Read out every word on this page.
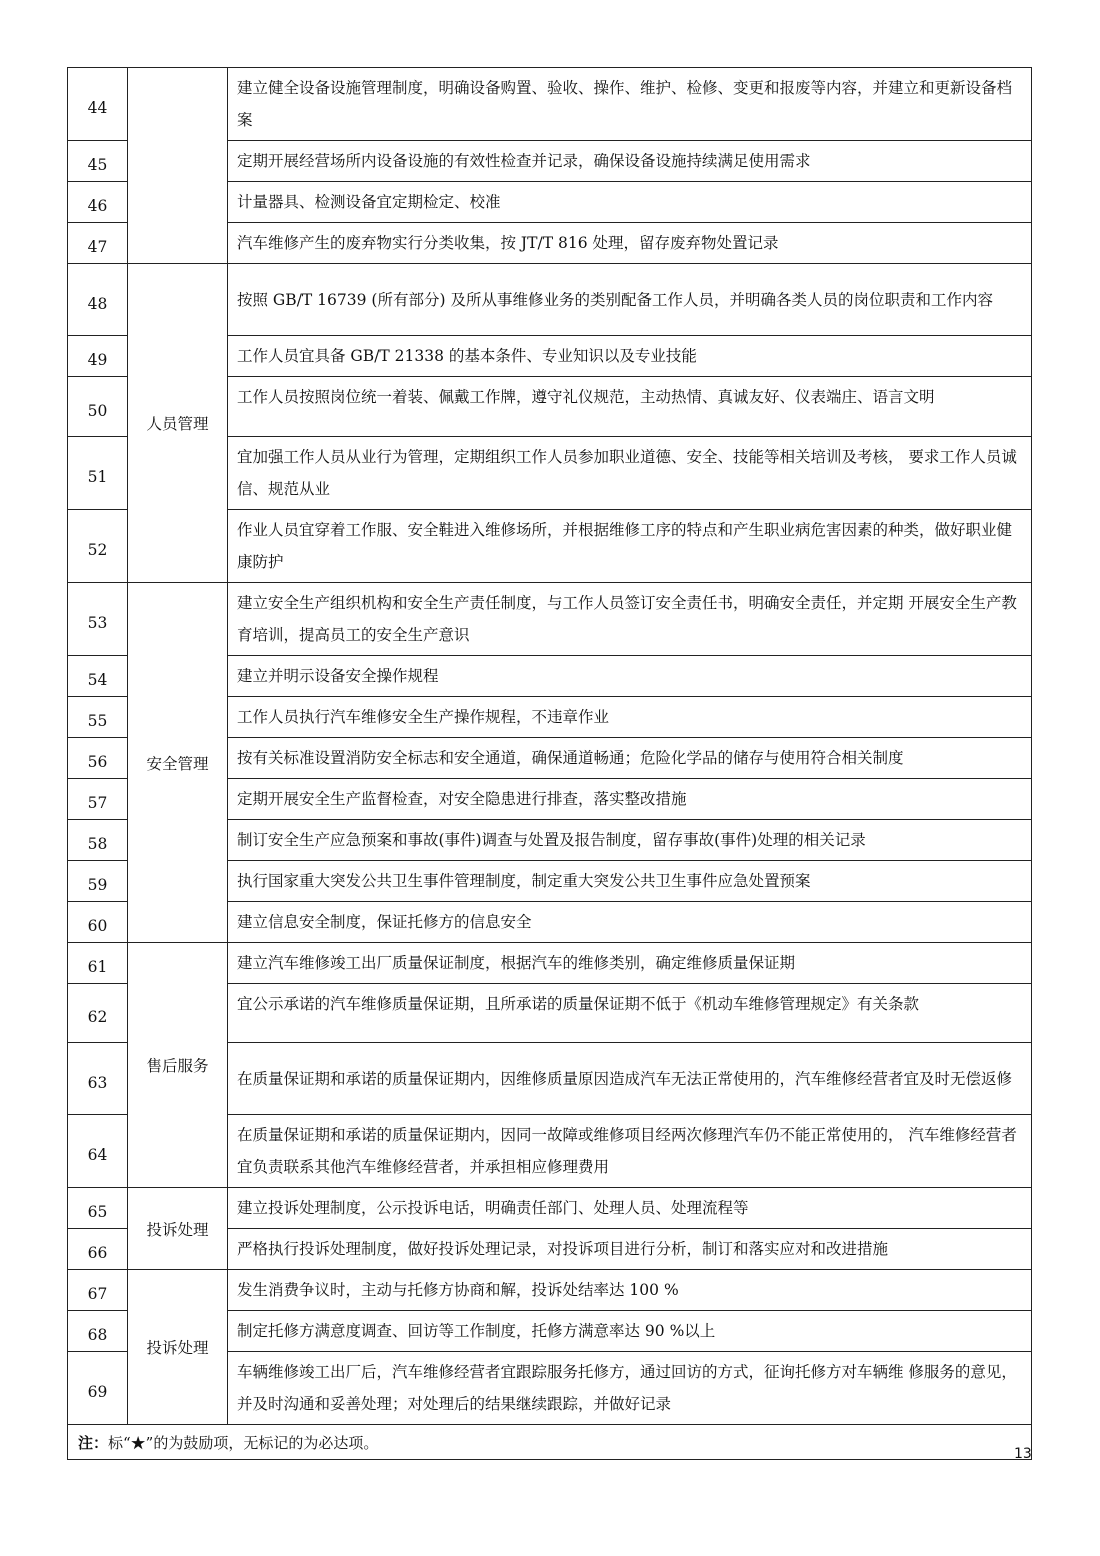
44		建立健全设备设施管理制度，明确设备购置、验收、操作、维护、检修、变更和报废等内容，并建立和更新设备档案
45		定期开展经营场所内设备设施的有效性检查并记录，确保设备设施持续满足使用需求
46		计量器具、检测设备宜定期检定、校准
47		汽车维修产生的废弃物实行分类收集，按 JT/T 816 处理，留存废弃物处置记录
48	人员管理	按照 GB/T 16739 (所有部分) 及所从事维修业务的类别配备工作人员，并明确各类人员的岗位职责和工作内容
49		工作人员宜具备 GB/T 21338 的基本条件、专业知识以及专业技能
50		工作人员按照岗位统一着装、佩戴工作牌，遵守礼仪规范，主动热情、真诚友好、仪表端庄、语言文明
51		宜加强工作人员从业行为管理，定期组织工作人员参加职业道德、安全、技能等相关培训及考核， 要求工作人员诚信、规范从业
52		作业人员宜穿着工作服、安全鞋进入维修场所，并根据维修工序的特点和产生职业病危害因素的种类，做好职业健康防护
53	安全管理	建立安全生产组织机构和安全生产责任制度，与工作人员签订安全责任书，明确安全责任，并定期 开展安全生产教育培训，提高员工的安全生产意识
54		建立并明示设备安全操作规程
55		工作人员执行汽车维修安全生产操作规程，不违章作业
56		按有关标准设置消防安全标志和安全通道，确保通道畅通；危险化学品的储存与使用符合相关制度
57		定期开展安全生产监督检查，对安全隐患进行排查，落实整改措施
58		制订安全生产应急预案和事故(事件)调查与处置及报告制度，留存事故(事件)处理的相关记录
59		执行国家重大突发公共卫生事件管理制度，制定重大突发公共卫生事件应急处置预案
60		建立信息安全制度，保证托修方的信息安全
61	售后服务	建立汽车维修竣工出厂质量保证制度，根据汽车的维修类别，确定维修质量保证期
62		宜公示承诺的汽车维修质量保证期，且所承诺的质量保证期不低于《机动车维修管理规定》有关条款
63		在质量保证期和承诺的质量保证期内，因维修质量原因造成汽车无法正常使用的，汽车维修经营者宜及时无偿返修
64		在质量保证期和承诺的质量保证期内，因同一故障或维修项目经两次修理汽车仍不能正常使用的， 汽车维修经营者宜负责联系其他汽车维修经营者，并承担相应修理费用
65	投诉处理	建立投诉处理制度，公示投诉电话，明确责任部门、处理人员、处理流程等
66		严格执行投诉处理制度，做好投诉处理记录，对投诉项目进行分析，制订和落实应对和改进措施
67	投诉处理	发生消费争议时，主动与托修方协商和解，投诉处结率达 100 %
68		制定托修方满意度调查、回访等工作制度，托修方满意率达 90 %以上
69		车辆维修竣工出厂后，汽车维修经营者宜跟踪服务托修方，通过回访的方式，征询托修方对车辆维 修服务的意见，并及时沟通和妥善处理；对处理后的结果继续跟踪，并做好记录
注：标“★”的为鼓励项，无标记的为必达项。		
13
